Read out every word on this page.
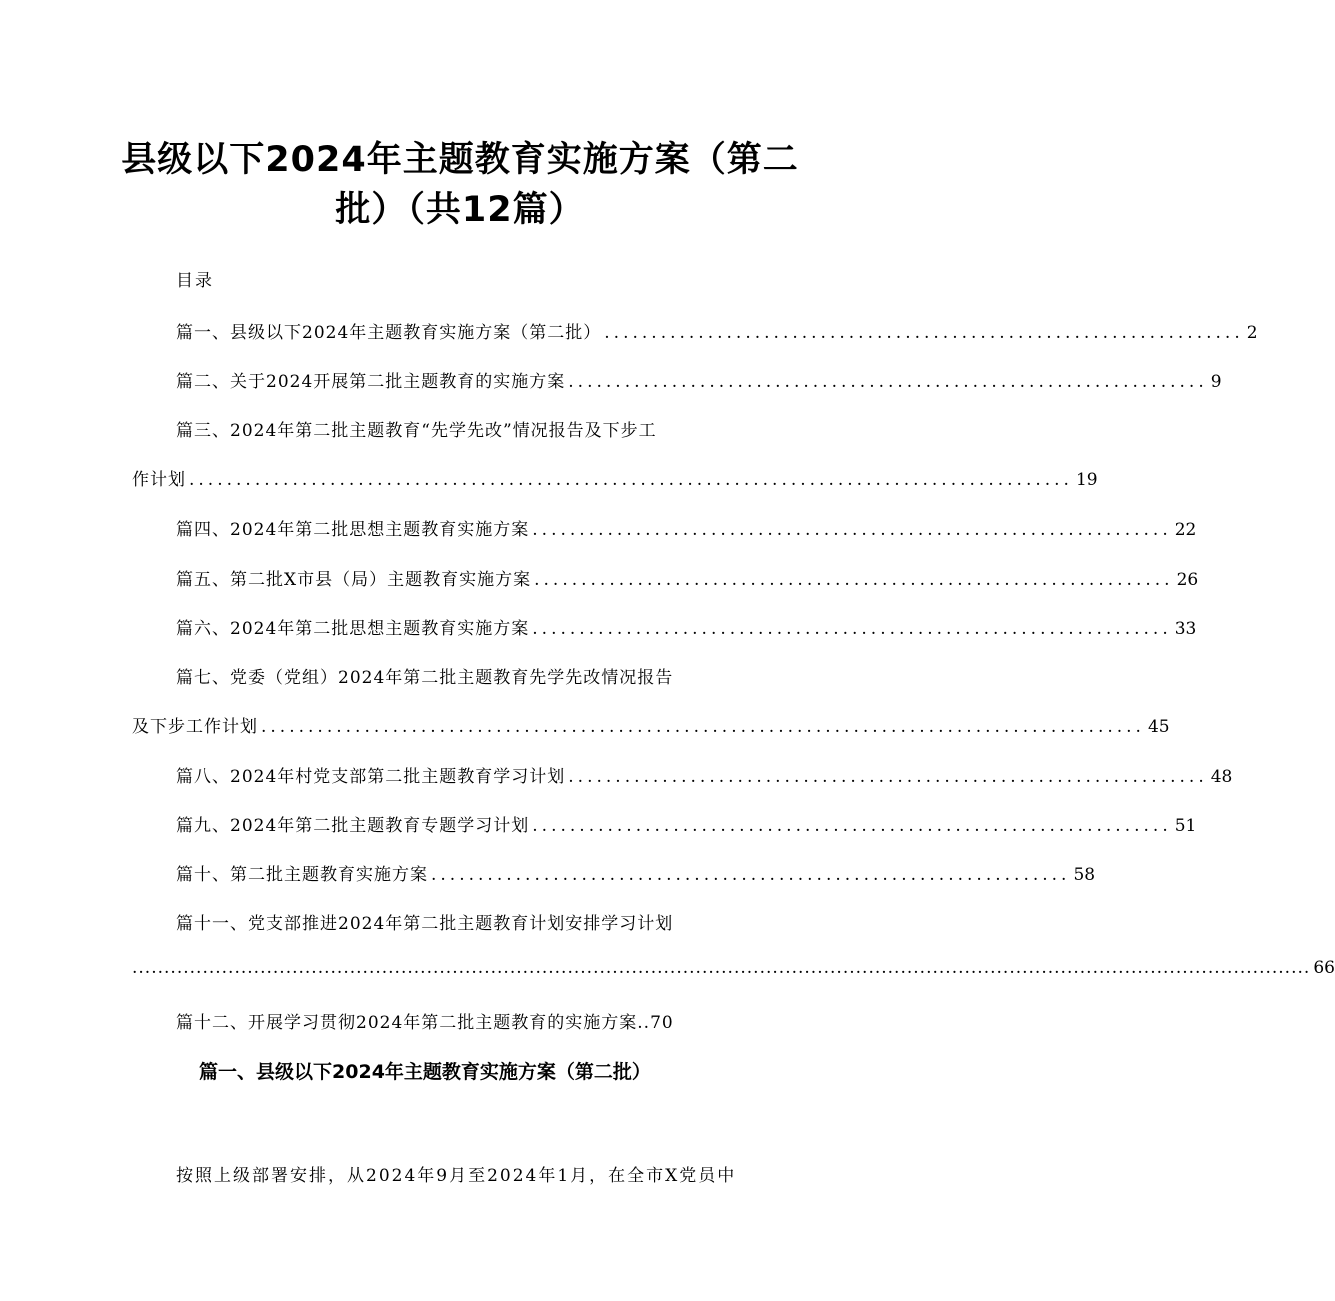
县级以下2024年主题教育实施方案（第二
批）（共12篇）
目录
篇一、县级以下2024年主题教育实施方案（第二批） .................................................................... 2
篇二、关于2024开展第二批主题教育的实施方案 .................................................................... 9
篇三、2024年第二批主题教育“先学先改”情况报告及下步工
作计划 .............................................................................................. 19
篇四、2024年第二批思想主题教育实施方案 .................................................................... 22
篇五、第二批X市县（局）主题教育实施方案 .................................................................... 26
篇六、2024年第二批思想主题教育实施方案 .................................................................... 33
篇七、党委（党组）2024年第二批主题教育先学先改情况报告
及下步工作计划 .............................................................................................. 45
篇八、2024年村党支部第二批主题教育学习计划 .................................................................... 48
篇九、2024年第二批主题教育专题学习计划 .................................................................... 51
篇十、第二批主题教育实施方案 .................................................................... 58
篇十一、党支部推进2024年第二批主题教育计划安排学习计划
........................................................................................................................................................................................ 66
篇十二、开展学习贯彻2024年第二批主题教育的实施方案..70
篇一、县级以下2024年主题教育实施方案（第二批）
按照上级部署安排，从2024年9月至2024年1月，在全市X党员中
